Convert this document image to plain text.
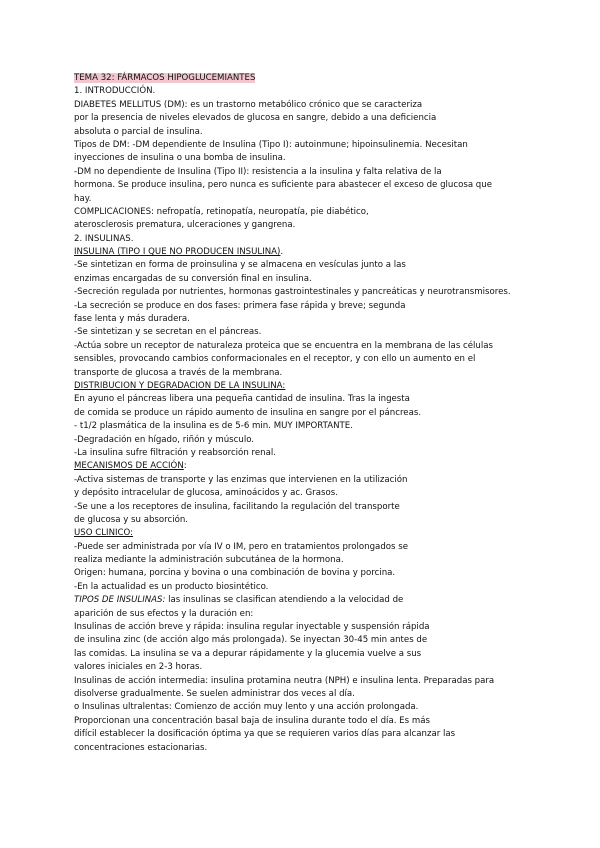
TEMA 32: FÁRMACOS HIPOGLUCEMIANTES
1. INTRODUCCIÓN.
DIABETES MELLITUS (DM): es un trastorno metabólico crónico que se caracteriza
por la presencia de niveles elevados de glucosa en sangre, debido a una deficiencia
absoluta o parcial de insulina.
Tipos de DM: -DM dependiente de Insulina (Tipo I): autoinmune; hipoinsulinemia. Necesitan
inyecciones de insulina o una bomba de insulina.
-DM no dependiente de Insulina (Tipo II): resistencia a la insulina y falta relativa de la
hormona. Se produce insulina, pero nunca es suficiente para abastecer el exceso de glucosa que
hay.
COMPLICACIONES: nefropatía, retinopatía, neuropatía, pie diabético,
aterosclerosis prematura, ulceraciones y gangrena.
2. INSULINAS.
INSULINA (TIPO I QUE NO PRODUCEN INSULINA).
-Se sintetizan en forma de proinsulina y se almacena en vesículas junto a las
enzimas encargadas de su conversión final en insulina.
-Secreción regulada por nutrientes, hormonas gastrointestinales y pancreáticas y neurotransmisores.
-La secreción se produce en dos fases: primera fase rápida y breve; segunda
fase lenta y más duradera.
-Se sintetizan y se secretan en el páncreas.
-Actúa sobre un receptor de naturaleza proteica que se encuentra en la membrana de las células
sensibles, provocando cambios conformacionales en el receptor, y con ello un aumento en el
transporte de glucosa a través de la membrana.
DISTRIBUCION Y DEGRADACION DE LA INSULINA:
En ayuno el páncreas libera una pequeña cantidad de insulina. Tras la ingesta
de comida se produce un rápido aumento de insulina en sangre por el páncreas.
- t1/2 plasmática de la insulina es de 5-6 min. MUY IMPORTANTE.
-Degradación en hígado, riñón y músculo.
-La insulina sufre filtración y reabsorción renal.
MECANISMOS DE ACCIÓN:
-Activa sistemas de transporte y las enzimas que intervienen en la utilización
y depósito intracelular de glucosa, aminoácidos y ac. Grasos.
-Se une a los receptores de insulina, facilitando la regulación del transporte
de glucosa y su absorción.
USO CLINICO:
-Puede ser administrada por vía IV o IM, pero en tratamientos prolongados se
realiza mediante la administración subcutánea de la hormona.
Origen: humana, porcina y bovina o una combinación de bovina y porcina.
-En la actualidad es un producto biosintético.
TIPOS DE INSULINAS: las insulinas se clasifican atendiendo a la velocidad de
aparición de sus efectos y la duración en:
Insulinas de acción breve y rápida: insulina regular inyectable y suspensión rápida
de insulina zinc (de acción algo más prolongada). Se inyectan 30-45 min antes de
las comidas. La insulina se va a depurar rápidamente y la glucemia vuelve a sus
valores iniciales en 2-3 horas.
Insulinas de acción intermedia: insulina protamina neutra (NPH) e insulina lenta. Preparadas para
disolverse gradualmente. Se suelen administrar dos veces al día.
o Insulinas ultralentas: Comienzo de acción muy lento y una acción prolongada.
Proporcionan una concentración basal baja de insulina durante todo el día. Es más
difícil establecer la dosificación óptima ya que se requieren varios días para alcanzar las
concentraciones estacionarias.
